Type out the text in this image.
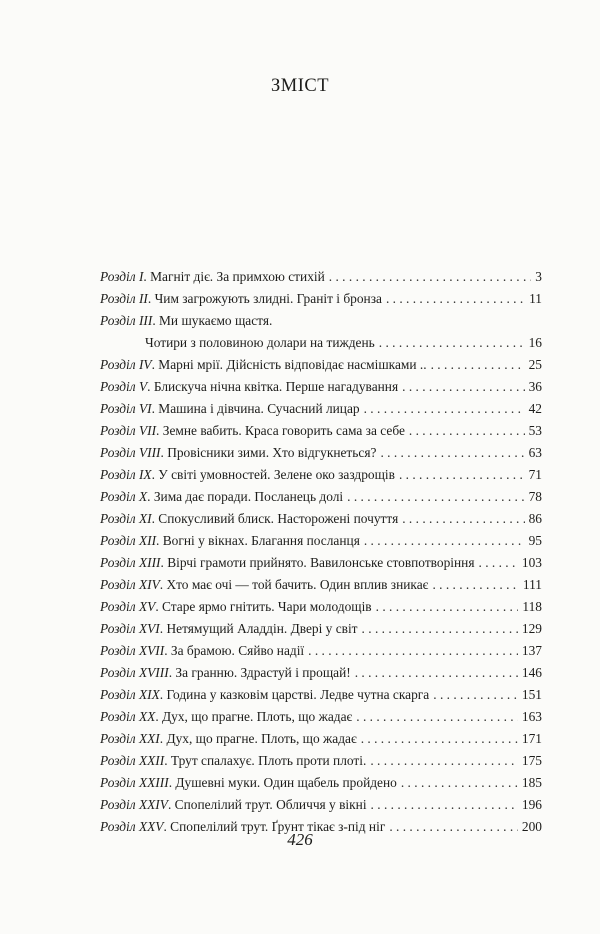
ЗМІСТ
Розділ I. Магніт діє. За примхою стихій . . .	3
Розділ II. Чим загрожують злидні. Граніт і бронза . . .	11
Розділ III. Ми шукаємо щастя.
Чотири з половиною долари на тиждень . . .	16
Розділ IV. Марні мрії. Дійсність відповідає насмішками .. . . .	25
Розділ V. Блискуча нічна квітка. Перше нагадування . . .	36
Розділ VI. Машина і дівчина. Сучасний лицар . . .	42
Розділ VII. Земне вабить. Краса говорить сама за себе . . .	53
Розділ VIII. Провісники зими. Хто відгукнеться? . . .	63
Розділ IX. У світі умовностей. Зелене око заздрощів . . .	71
Розділ X. Зима дає поради. Посланець долі . . .	78
Розділ XI. Спокусливий блиск. Насторожені почуття . . .	86
Розділ XII. Вогні у вікнах. Благання посланця . . .	95
Розділ XIII. Вірчі грамоти прийнято. Вавилонське стовпотворіння . . .	103
Розділ XIV. Хто має очі — той бачить. Один вплив зникає . . .	111
Розділ XV. Старе ярмо гнітить. Чари молодощів . . .	118
Розділ XVI. Нетямущий Аладдін. Двері у світ . . .	129
Розділ XVII. За брамою. Сяйво надії . . .	137
Розділ XVIII. За гранню. Здрастуй і прощай! . . .	146
Розділ XIX. Година у казковім царстві. Ледве чутна скарга . . .	151
Розділ XX. Дух, що прагне. Плоть, що жадає . . .	163
Розділ XXI. Дух, що прагне. Плоть, що жадає . . .	171
Розділ XXII. Трут спалахує. Плоть проти плоті. . . .	175
Розділ XXIII. Душевні муки. Один щабель пройдено . . .	185
Розділ XXIV. Спопелілий трут. Обличчя у вікні . . .	196
Розділ XXV. Спопелілий трут. Ґрунт тікає з-під ніг . . .	200
426
